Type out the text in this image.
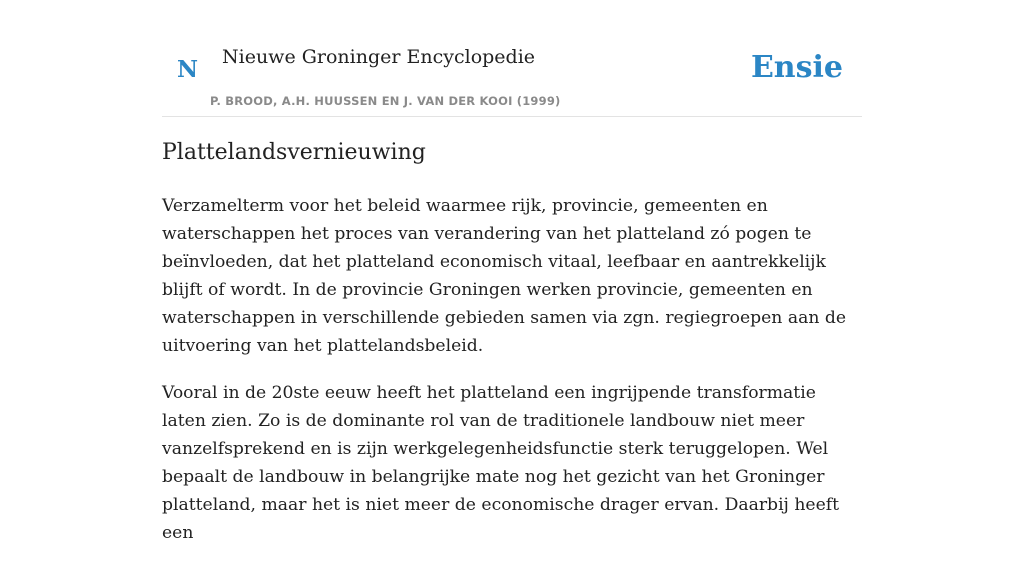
N Nieuwe Groninger Encyclopedie
P. BROOD, A.H. HUUSSEN EN J. VAN DER KOOI (1999)
Ensie
Plattelandsvernieuwing

Verzamelterm voor het beleid waarmee rijk, provincie, gemeenten en waterschappen het proces van verandering van het platteland zó pogen te beïnvloeden, dat het platteland economisch vitaal, leefbaar en aantrekkelijk blijft of wordt. In de provincie Groningen werken provincie, gemeenten en waterschappen in verschillende gebieden samen via zgn. regiegroepen aan de uitvoering van het plattelandsbeleid.

Vooral in de 20ste eeuw heeft het platteland een ingrijpende transformatie laten zien. Zo is de dominante rol van de traditionele landbouw niet meer vanzelfsprekend en is zijn werkgelegenheidsfunctie sterk teruggelopen. Wel bepaalt de landbouw in belangrijke mate nog het gezicht van het Groninger platteland, maar het is niet meer de economische drager ervan. Daarbij heeft een
